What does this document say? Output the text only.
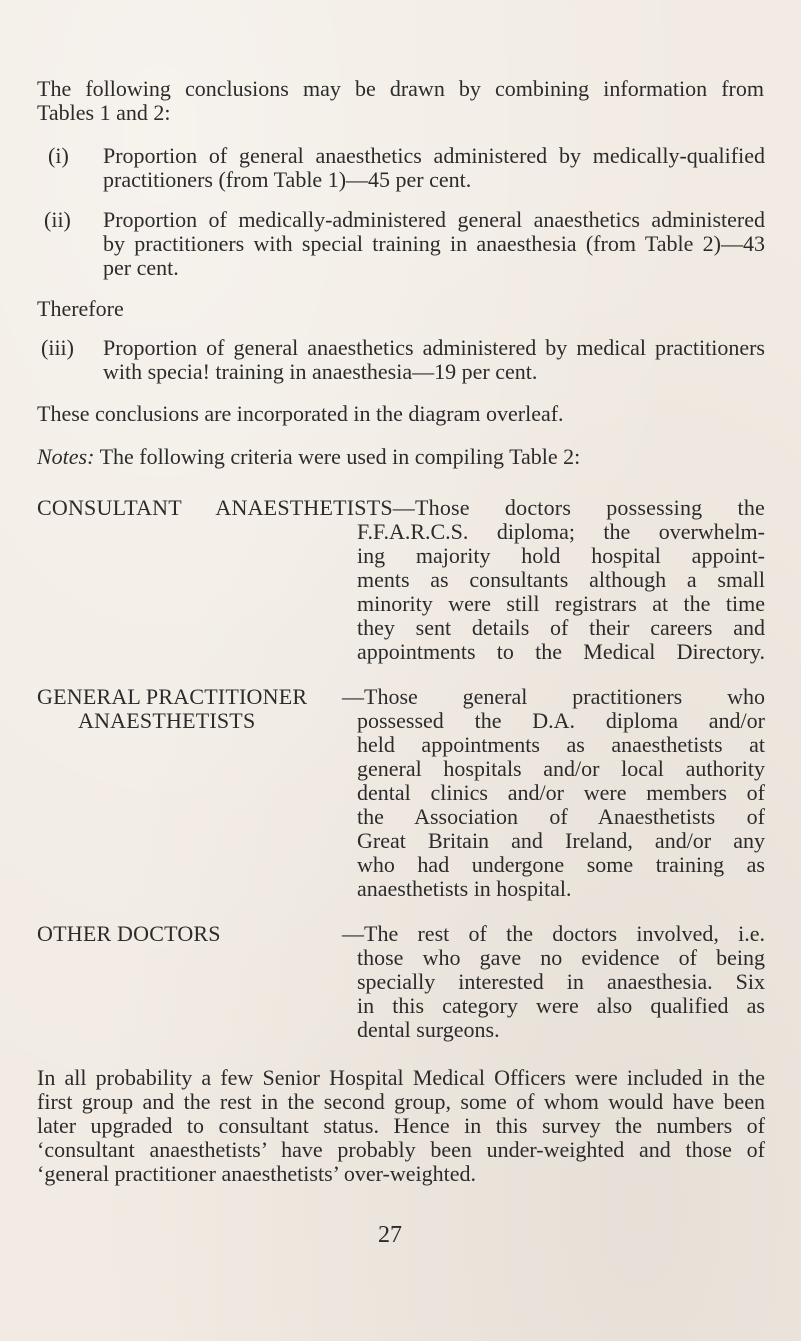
The following conclusions may be drawn by combining information from

Tables 1 and 2:

(i) Proportion of general anaesthetics administered by medically-qualified

practitioners (from Table 1)—45 per cent.

(ii) Proportion of medically-administered general anaesthetics administered

by practitioners with special training in anaesthesia (from Table 2)—43

per cent.

Therefore

(iii) Proportion of general anaesthetics administered by medical practitioners

with specia! training in anaesthesia—19 per cent.

These conclusions are incorporated in the diagram overleaf.

Notes: The following criteria were used in compiling Table 2:

CONSULTANT ANAESTHETISTS—Those doctors possessing the

F.F.A.R.C.S. diploma; the overwhelm-

ing majority hold hospital appoint-

ments as consultants although a small

minority were still registrars at the time

they sent details of their careers and

appointments to the Medical Directory.

GENERAL PRACTITIONER

ANAESTHETISTS

—Those general practitioners who

possessed the D.A. diploma and/or

held appointments as anaesthetists at

general hospitals and/or local authority

dental clinics and/or were members of

the Association of Anaesthetists of

Great Britain and Ireland, and/or any

who had undergone some training as

anaesthetists in hospital.

OTHER DOCTORS	—The rest of the doctors involved, i.e.

those who gave no evidence of being

specially interested in anaesthesia. Six

in this category were also qualified as

dental surgeons.

In all probability a few Senior Hospital Medical Officers were included in the

first group and the rest in the second group, some of whom would have been

later upgraded to consultant status. Hence in this survey the numbers of

‘consultant anaesthetists’ have probably been under-weighted and those of

‘general practitioner anaesthetists’ over-weighted.

27
